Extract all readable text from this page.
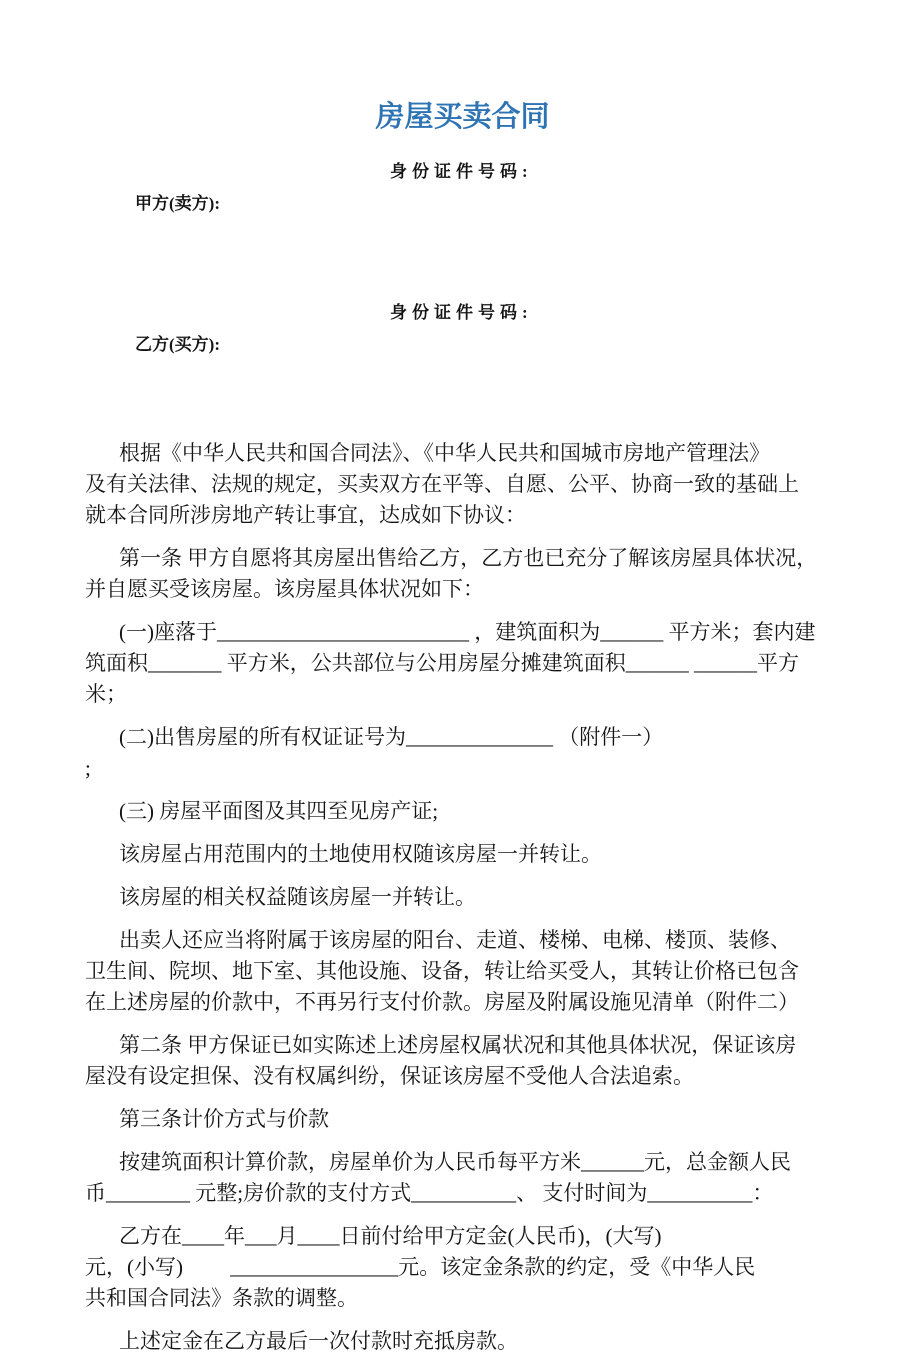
房屋买卖合同

甲方(卖方):

身份证件号码:

乙方(买方):

身份证件号码:

根据《中华人民共和国合同法》、《中华人民共和国城市房地产管理法》
及有关法律、法规的规定，买卖双方在平等、自愿、公平、协商一致的基础上
就本合同所涉房地产转让事宜，达成如下协议：

第一条 甲方自愿将其房屋出售给乙方，乙方也已充分了解该房屋具体状况，
并自愿买受该房屋。该房屋具体状况如下：

(一)座落于________________________ ，建筑面积为______ 平方米；套内建
筑面积_______ 平方米，公共部位与公用房屋分摊建筑面积______ ______平方
米；

(二)出售房屋的所有权证证号为______________ （附件一）
;

(三) 房屋平面图及其四至见房产证;

该房屋占用范围内的土地使用权随该房屋一并转让。

该房屋的相关权益随该房屋一并转让。

出卖人还应当将附属于该房屋的阳台、走道、楼梯、电梯、楼顶、装修、
卫生间、院坝、地下室、其他设施、设备，转让给买受人，其转让价格已包含
在上述房屋的价款中，不再另行支付价款。房屋及附属设施见清单（附件二）

第二条 甲方保证已如实陈述上述房屋权属状况和其他具体状况，保证该房
屋没有设定担保、没有权属纠纷，保证该房屋不受他人合法追索。

第三条计价方式与价款

按建筑面积计算价款，房屋单价为人民币每平方米______元，总金额人民
币________ 元整;房价款的支付方式__________、 支付时间为__________：

乙方在____年___月____日前付给甲方定金(人民币)，(大写)
元，(小写)         ________________元。该定金条款的约定，受《中华人民
共和国合同法》条款的调整。

上述定金在乙方最后一次付款时充抵房款。
